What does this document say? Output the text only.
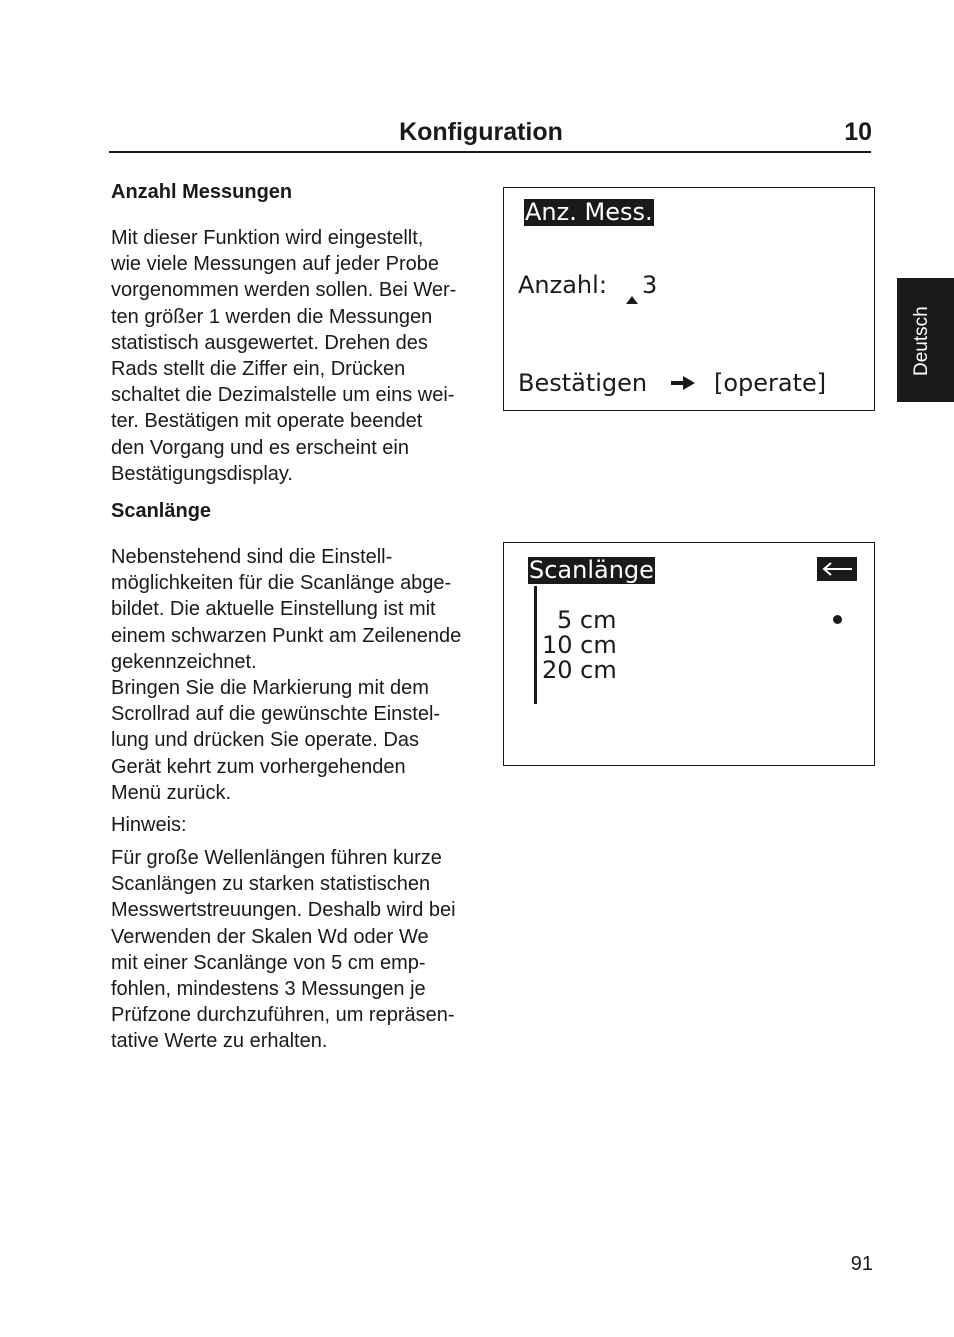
Konfiguration	10
Deutsch

Anzahl Messungen

Mit dieser Funktion wird eingestellt,

wie viele Messungen auf jeder Probe

vorgenommen werden sollen. Bei Wer-

ten größer 1 werden die Messungen

statistisch ausgewertet. Drehen des

Rads stellt die Ziffer ein, Drücken

schaltet die Dezimalstelle um eins wei-

ter. Bestätigen mit operate beendet

den Vorgang und es erscheint ein

Bestätigungsdisplay.

Scanlänge

Nebenstehend sind die Einstell-

möglichkeiten für die Scanlänge abge-

bildet. Die aktuelle Einstellung ist mit

einem schwarzen Punkt am Zeilenende

gekennzeichnet.

Bringen Sie die Markierung mit dem

Scrollrad auf die gewünschte Einstel-

lung und drücken Sie operate. Das

Gerät kehrt zum vorhergehenden

Menü zurück.

Hinweis:

Für große Wellenlängen führen kurze

Scanlängen zu starken statistischen

Messwertstreuungen. Deshalb wird bei

Verwenden der Skalen Wd oder We

mit einer Scanlänge von 5 cm emp-

fohlen, mindestens 3 Messungen je

Prüfzone durchzuführen, um repräsen-

tative Werte zu erhalten.

Anz. Mess.
Anzahl: 3
Bestätigen	[operate]
Scanlänge
5 cm
10 cm
20 cm
91
